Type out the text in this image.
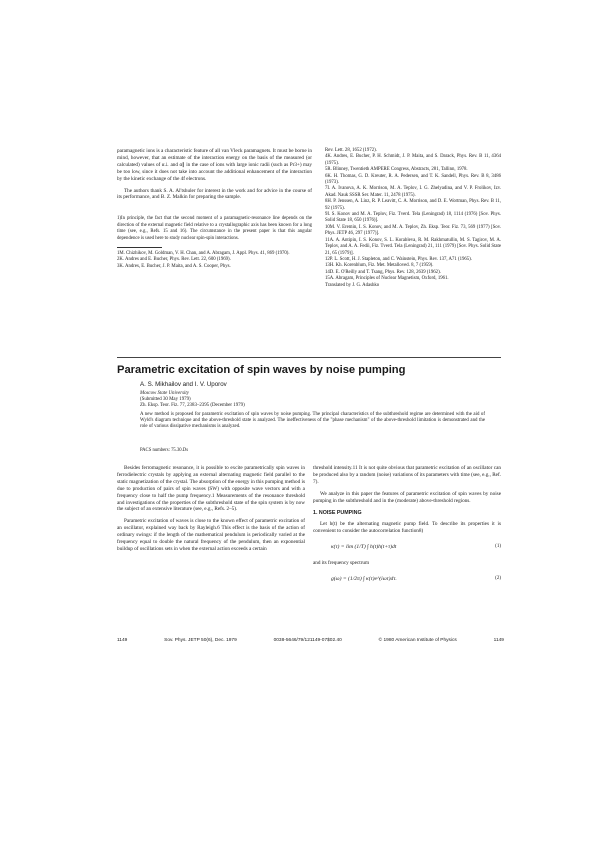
paramagnetic ions is a characteristic feature of all van Vleck paramagnets. It must be borne in mind, however, that an estimate of the interaction energy on the basis of the measured (or calculated) values of α⊥ and α∥ in the case of ions with large ionic radii (such as Pr3+) may be too low, since it does not take into account the additional enhancement of the interaction by the kinetic exchange of the 4f electrons.

The authors thank S. A. Al'tshuler for interest in the work and for advice in the course of its performance, and B. Z. Malkin for preparing the sample.

1)In principle, the fact that the second moment of a paramagnetic-resonance line depends on the direction of the external magnetic field relative to a crystallographic axis has been known for a long time (see, e.g., Refs. 15 and 16). The circumstance in the present paper is that this angular dependence is used here to study nuclear spin-spin interactions.

1M. Chizhikov, M. Goldman, V. H. Chan, and A. Abragam, J. Appl. Phys. 41, 869 (1970).
2K. Andres and E. Bucher, Phys. Rev. Lett. 22, 600 (1969).
3K. Andres, E. Bucher, J. P. Maita, and A. S. Cooper, Phys.
Rev. Lett. 28, 1652 (1972).
4K. Andres, E. Bucher, P. H. Schmidt, J. P. Maita, and S. Darack, Phys. Rev. B 11, 4364 (1975).
5R. Blinney, Twentieth AMPERE Congress, Abstracts, 281, Tallinn, 1978.
6K. H. Thomas, G. D. Kreuter, R. A. Pedersen, and T. K. Sandell, Phys. Rev. B 8, 3486 (1973).
7I. A. Ivanova, A. K. Morrison, M. A. Teplov, I. G. Zhelyadina, and V. P. Frolikov, Izv. Akad. Nauk SSSR Ser. Mater. 11, 2478 (1975).
8H. P. Jenssen, A. Linz, R. P. Leavitt, C. A. Morrison, and D. E. Wortman, Phys. Rev. B 11, 92 (1975).
9I. S. Konov and M. A. Teplov, Fiz. Tverd. Tela (Leningrad) 18, 1114 (1976) [Sov. Phys. Solid State 18, 650 (1976)].
10M. V. Eremin, I. S. Konov, and M. A. Teplov, Zh. Eksp. Teor. Fiz. 73, 569 (1977) [Sov. Phys. JETP 46, 297 (1977)].
11A. A. Antipin, I. S. Konov, S. L. Korableva, R. M. Rakhmatullin, M. S. Tagirov, M. A. Teplov, and A. A. Fedii, Fiz. Tverd. Tela (Leningrad) 21, 111 (1979) [Sov. Phys. Solid State 21, 65 (1979)].
12P. L. Scott, H. J. Stapleton, and C. Wainstein, Phys. Rev. 137, A71 (1965).
13H. Kh. Korenblum, Fiz. Met. Metalloved. 8, 7 (1959).
14D. E. O'Reilly and T. Tsang, Phys. Rev. 128, 2639 (1962).
15A. Abragam, Principles of Nuclear Magnetism, Oxford, 1961.
Translated by J. G. Adashko
Parametric excitation of spin waves by noise pumping
A. S. Mikhailov and I. V. Uporov
Moscow State University
(Submitted 30 May 1979)
Zh. Eksp. Teor. Fiz. 77, 2383–2395 (December 1979)

A new method is proposed for parametric excitation of spin waves by noise pumping. The principal characteristics of the subthreshold regime are determined with the aid of Wyld's diagram technique and the above-threshold state is analyzed. The ineffectiveness of the "phase mechanism" of the above-threshold limitation is demonstrated and the role of various dissipative mechanisms is analyzed.

PACS numbers: 75.30.Ds

Besides ferromagnetic resonance, it is possible to excite parametrically spin waves in ferrodielectric crystals by applying an external alternating magnetic field parallel to the static magnetization of the crystal. The absorption of the energy in this pumping method is due to production of pairs of spin waves (SW) with opposite wave vectors and with a frequency close to half the pump frequency.1 Measurements of the resonance threshold and investigations of the properties of the subthreshold state of the spin system is by now the subject of an extensive literature (see, e.g., Refs. 2–5).

Parametric excitation of waves is close to the known effect of parametric excitation of an oscillator, explained way back by Rayleigh.6 This effect is the basis of the action of ordinary swings: if the length of the mathematical pendulum is periodically varied at the frequency equal to double the natural frequency of the pendulum, then an exponential buildup of oscillations sets in when the external action exceeds a certain

threshold intensity.11 It is not quite obvious that parametric excitation of an oscillator can be produced also by a random (noise) variations of its parameters with time (see, e.g., Ref. 7).

We analyze in this paper the features of parametric excitation of spin waves by noise pumping in the subthreshold and in the (moderate) above-threshold regions.

1. NOISE PUMPING

Let h(t) be the alternating magnetic pump field. To describe its properties it is convenient to consider the autocorrelation function8)

κ(τ) = lim (1/T) ∫ h(t)h(t+τ)dt	(1)

and its frequency spectrum

g(ω) = (1/2π) ∫ κ(τ)e^(iωτ)dτ.	(2)
1149	Sov. Phys. JETP 50(6), Dec. 1979	0038-5646/79/121149-07$02.40	© 1980 American Institute of Physics	1149
